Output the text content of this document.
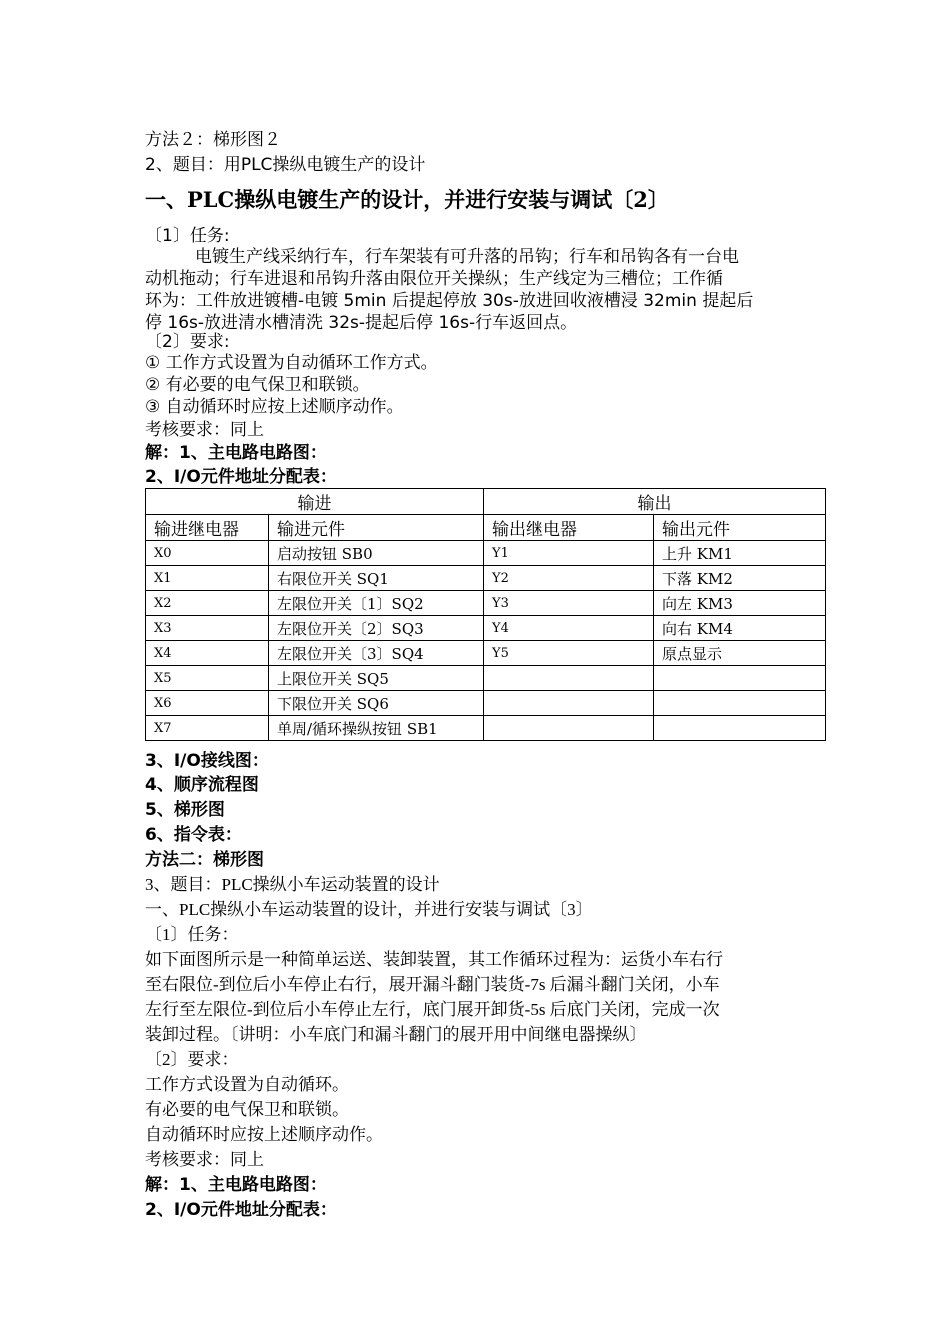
方法２：梯形图２
2、题目：用PLC操纵电镀生产的设计
一、PLC操纵电镀生产的设计，并进行安装与调试〔2〕
〔1〕任务:
电镀生产线采纳行车，行车架装有可升落的吊钩；行车和吊钩各有一台电
动机拖动；行车进退和吊钩升落由限位开关操纵；生产线定为三槽位；工作循
环为：工件放进镀槽-电镀 5min 后提起停放 30s-放进回收液槽浸 32min 提起后
停 16s-放进清水槽清洗 32s-提起后停 16s-行车返回点。
〔2〕要求:
① 工作方式设置为自动循环工作方式。
② 有必要的电气保卫和联锁。
③ 自动循环时应按上述顺序动作。
考核要求：同上
解：1、主电路电路图：
2、I/O元件地址分配表：
输进		输出	
输进继电器	输进元件	输出继电器	输出元件
X0	启动按钮 SB0	Y1	上升 KM1
X1	右限位开关 SQ1	Y2	下落 KM2
X2	左限位开关〔1〕SQ2	Y3	向左 KM3
X3	左限位开关〔2〕SQ3	Y4	向右 KM4
X4	左限位开关〔3〕SQ4	Y5	原点显示
X5	上限位开关 SQ5		
X6	下限位开关 SQ6		
X7	单周/循环操纵按钮 SB1		
3、I/O接线图：
4、顺序流程图
5、梯形图
6、指令表：
方法二：梯形图
3、题目：PLC操纵小车运动装置的设计
一、PLC操纵小车运动装置的设计，并进行安装与调试〔3〕
〔1〕任务：
如下面图所示是一种简单运送、装卸装置，其工作循环过程为：运货小车右行
至右限位-到位后小车停止右行，展开漏斗翻门装货-7s 后漏斗翻门关闭，小车
左行至左限位-到位后小车停止左行，底门展开卸货-5s 后底门关闭，完成一次
装卸过程。〔讲明：小车底门和漏斗翻门的展开用中间继电器操纵〕
〔2〕要求：
工作方式设置为自动循环。
有必要的电气保卫和联锁。
自动循环时应按上述顺序动作。
考核要求：同上
解：1、主电路电路图：
2、I/O元件地址分配表：
